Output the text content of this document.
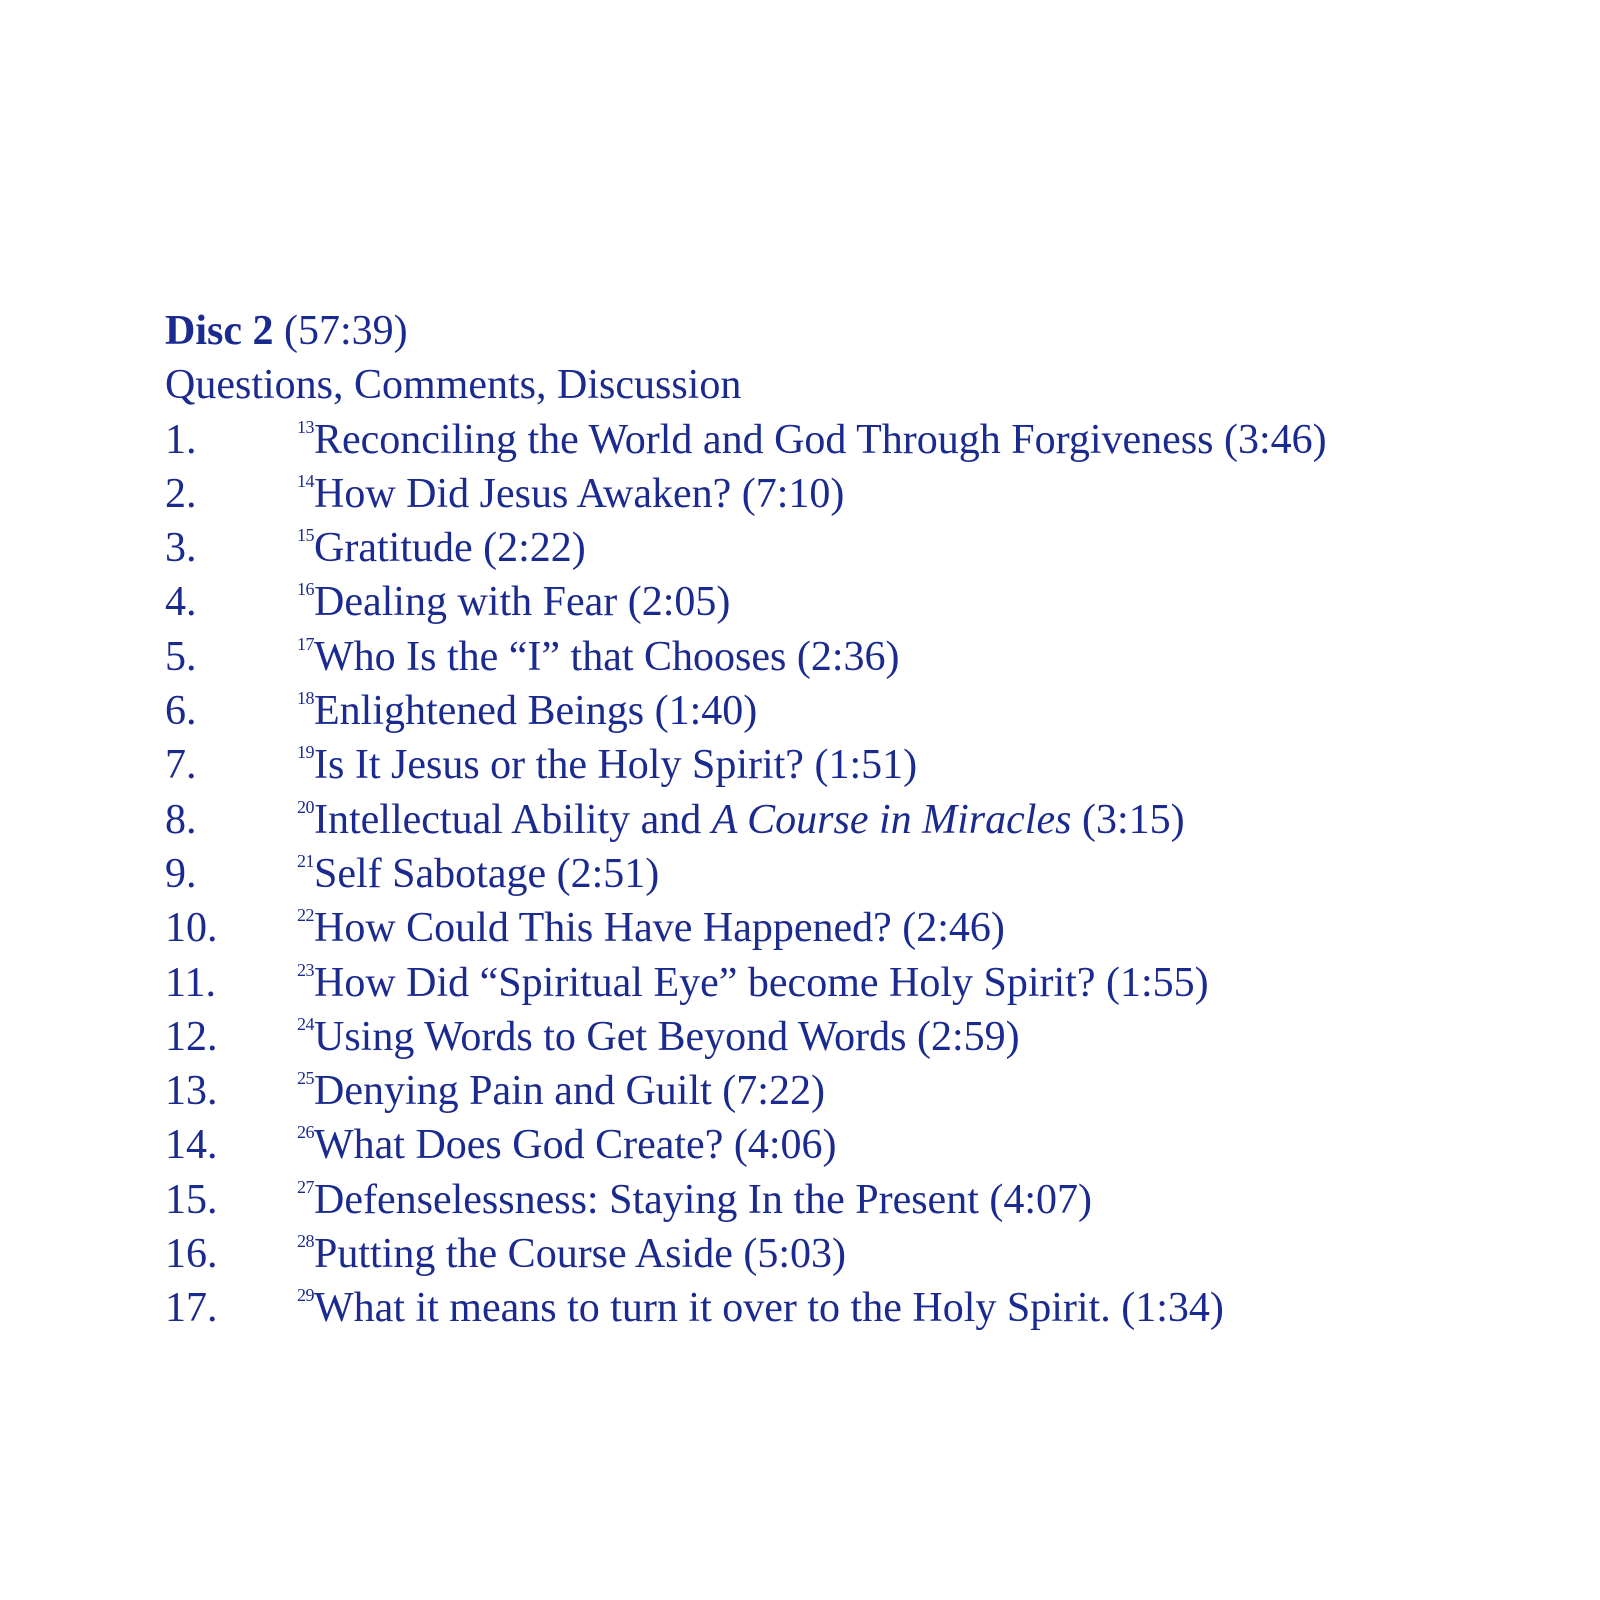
Disc 2 (57:39)
Questions, Comments, Discussion
1.	$^{13}$Reconciling the World and God Through Forgiveness (3:46)
2.	$^{14}$How Did Jesus Awaken? (7:10)
3.	$^{15}$Gratitude (2:22)
4.	$^{16}$Dealing with Fear (2:05)
5.	$^{17}$Who Is the “I” that Chooses (2:36)
6.	$^{18}$Enlightened Beings (1:40)
7.	$^{19}$Is It Jesus or the Holy Spirit? (1:51)
8.	$^{20}$Intellectual Ability and A Course in Miracles (3:15)
9.	$^{21}$Self Sabotage (2:51)
10.	$^{22}$How Could This Have Happened? (2:46)
11.	$^{23}$How Did “Spiritual Eye” become Holy Spirit? (1:55)
12.	$^{24}$Using Words to Get Beyond Words (2:59)
13.	$^{25}$Denying Pain and Guilt (7:22)
14.	$^{26}$What Does God Create? (4:06)
15.	$^{27}$Defenselessness: Staying In the Present (4:07)
16.	$^{28}$Putting the Course Aside (5:03)
17.	$^{29}$What it means to turn it over to the Holy Spirit. (1:34)
